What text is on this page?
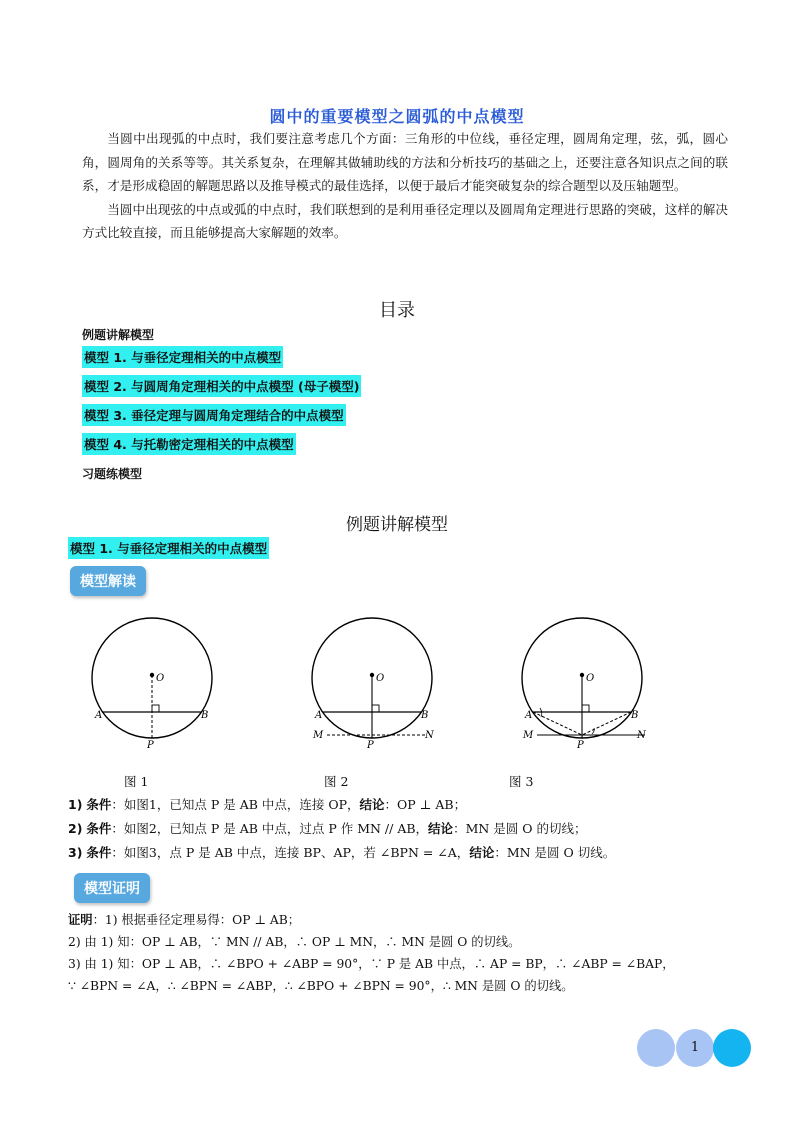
圆中的重要模型之圆弧的中点模型

当圆中出现弧的中点时，我们要注意考虑几个方面：三角形的中位线，垂径定理，圆周角定理，弦，弧，圆心角，圆周角的关系等等。其关系复杂，在理解其做辅助线的方法和分析技巧的基础之上，还要注意各知识点之间的联系，才是形成稳固的解题思路以及推导模式的最佳选择，以便于最后才能突破复杂的综合题型以及压轴题型。

当圆中出现弦的中点或弧的中点时，我们联想到的是利用垂径定理以及圆周角定理进行思路的突破，这样的解决方式比较直接，而且能够提高大家解题的效率。

目录
例题讲解模型
模型 1. 与垂径定理相关的中点模型
模型 2. 与圆周角定理相关的中点模型 (母子模型)
模型 3. 垂径定理与圆周角定理结合的中点模型
模型 4. 与托勒密定理相关的中点模型
习题练模型
例题讲解模型
模型 1. 与垂径定理相关的中点模型
模型解读
O
A	B
P
O
A	B
M	N
P
O
A	B
M	N
P
图 1	图 2	图 3
1) 条件：如图1，已知点 P 是 AB 中点，连接 OP，结论：OP ⊥ AB；
2) 条件：如图2，已知点 P 是 AB 中点，过点 P 作 MN // AB，结论：MN 是圆 O 的切线；
3) 条件：如图3，点 P 是 AB 中点，连接 BP、AP，若 ∠BPN = ∠A，结论：MN 是圆 O 切线。
模型证明
证明：1) 根据垂径定理易得：OP ⊥ AB；
2) 由 1) 知：OP ⊥ AB，∵ MN // AB，∴ OP ⊥ MN，∴ MN 是圆 O 的切线。
3) 由 1) 知：OP ⊥ AB，∴ ∠BPO + ∠ABP = 90°，∵ P 是 AB 中点，∴ AP = BP，∴ ∠ABP = ∠BAP，
∵ ∠BPN = ∠A，∴ ∠BPN = ∠ABP，∴ ∠BPO + ∠BPN = 90°，∴ MN 是圆 O 的切线。
1
